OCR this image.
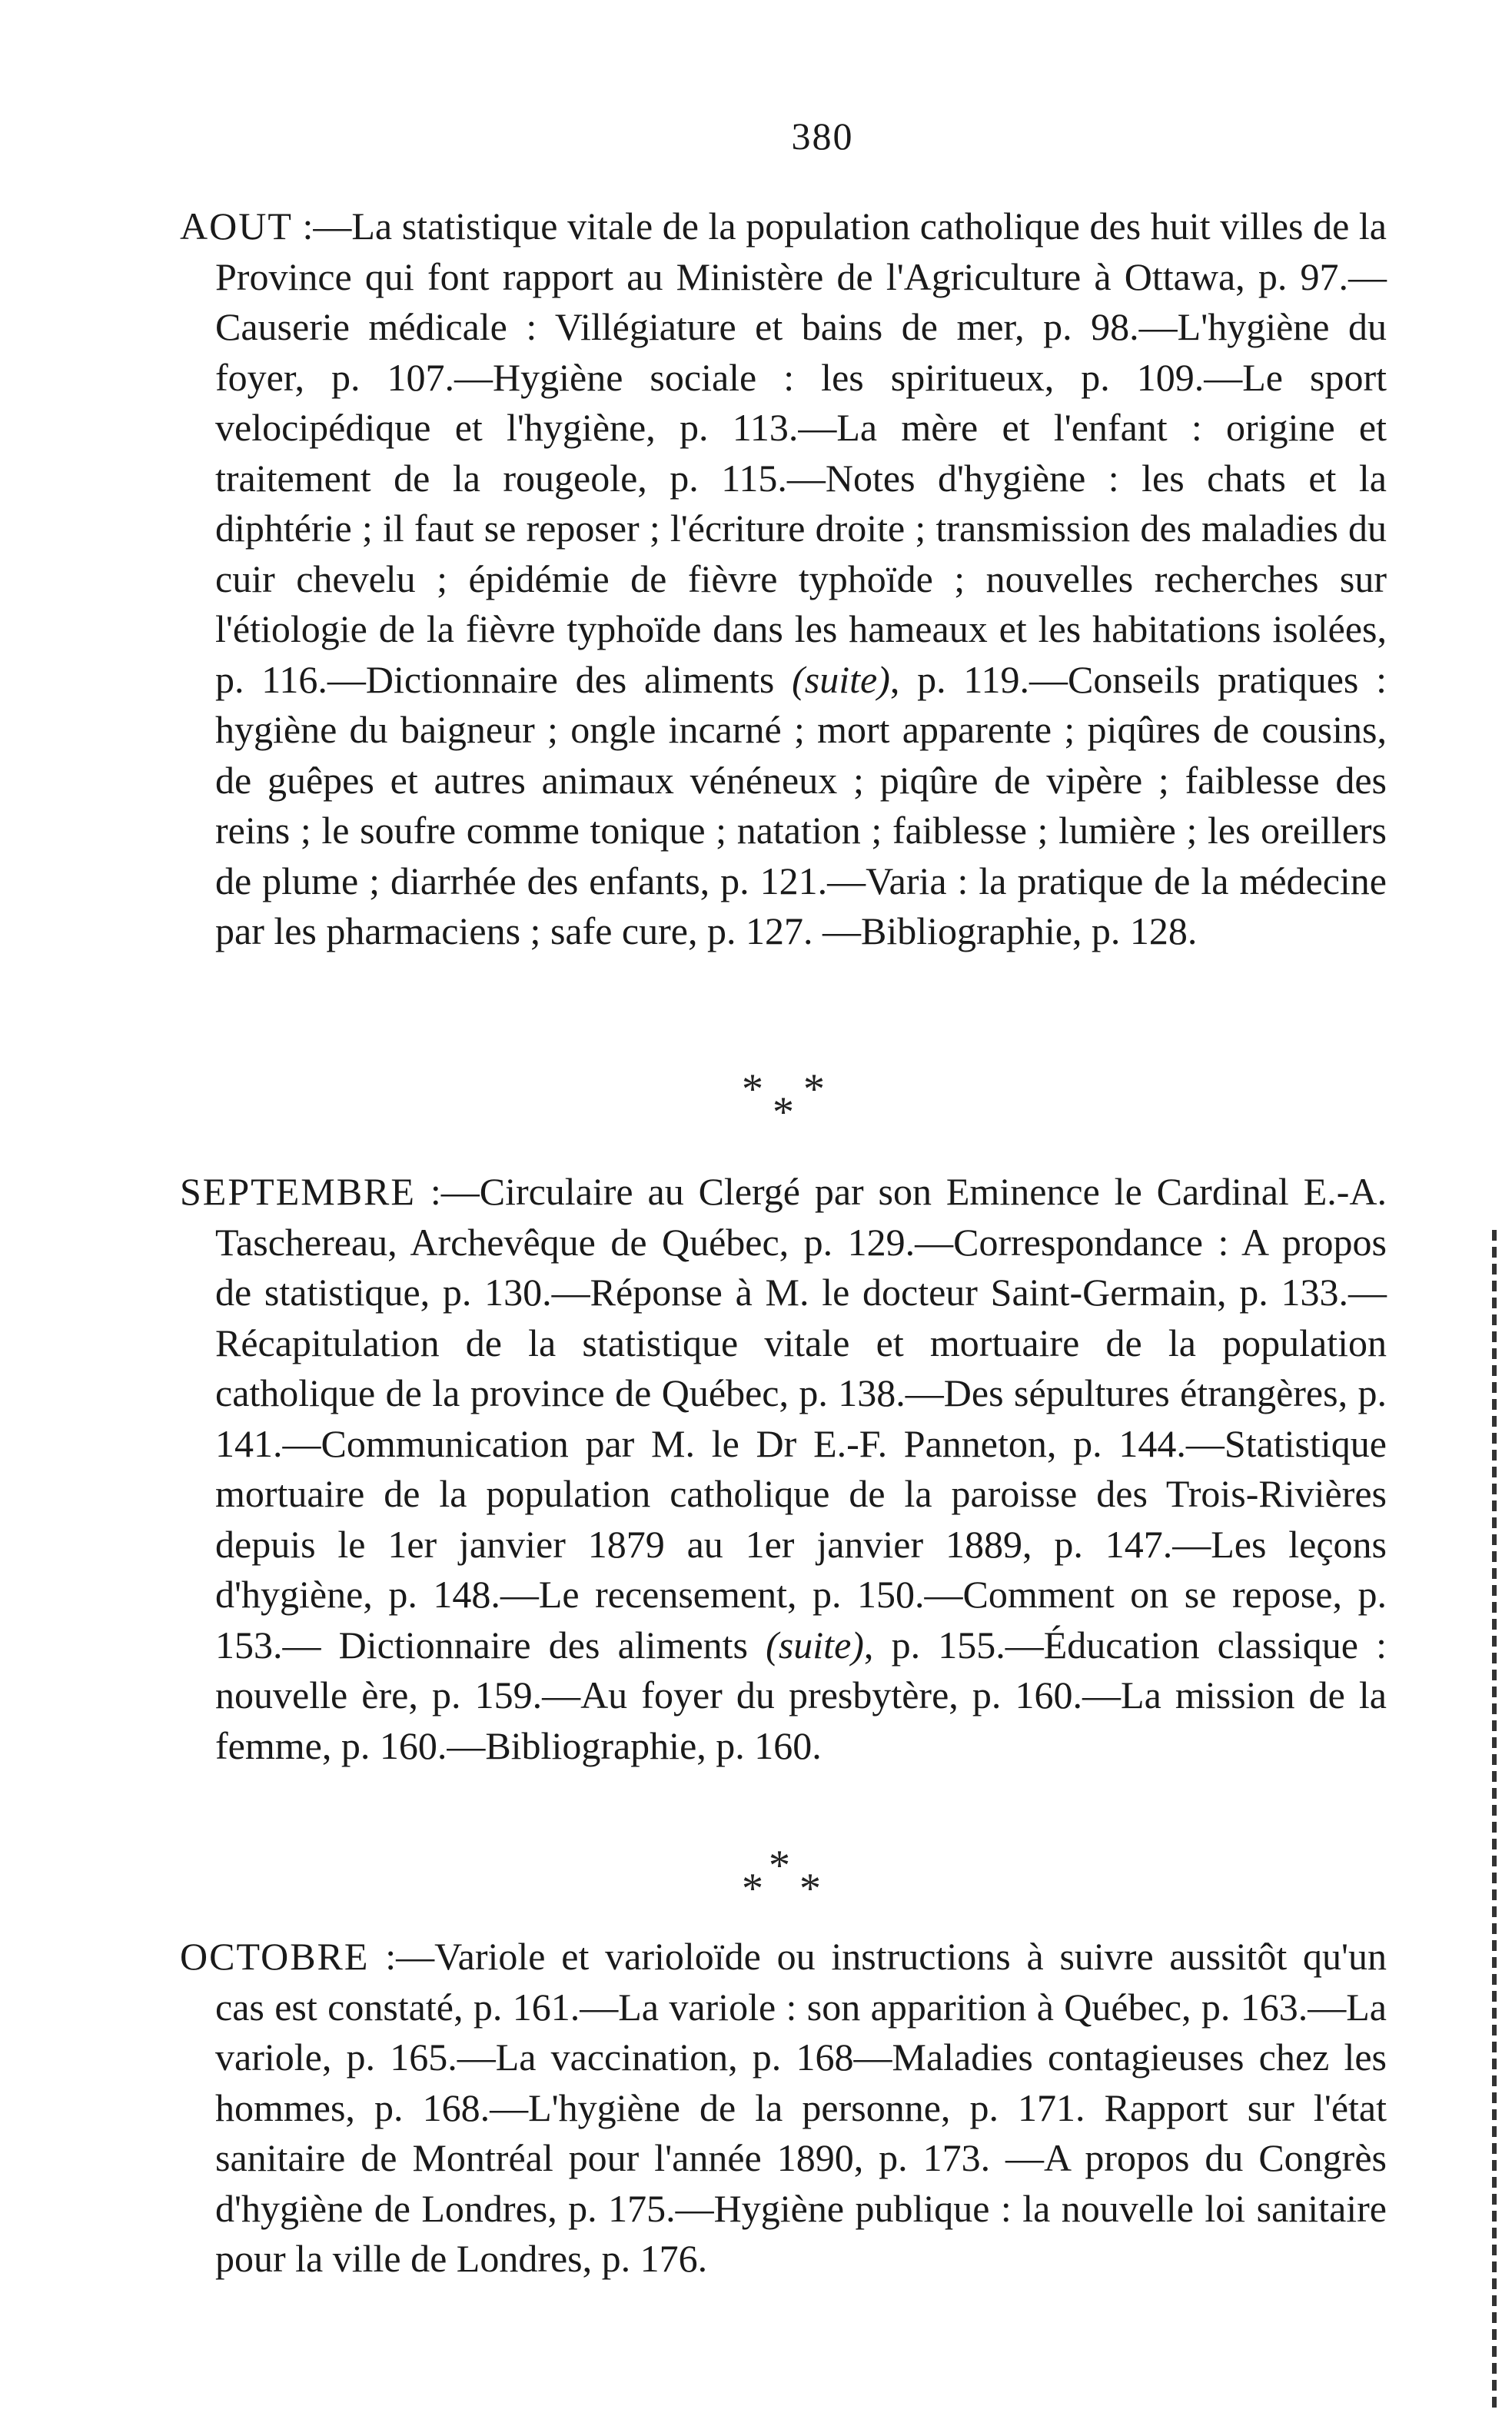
380

AOUT :—La statistique vitale de la population catholique des huit villes de la Province qui font rapport au Ministère de l'Agriculture à Ottawa, p. 97.—Causerie médicale : Villégiature et bains de mer, p. 98.—L'hygiène du foyer, p. 107.—Hygiène sociale : les spiritueux, p. 109.—Le sport velocipédique et l'hygiène, p. 113.—La mère et l'enfant : origine et traitement de la rougeole, p. 115.—Notes d'hygiène : les chats et la diphtérie ; il faut se reposer ; l'écriture droite ; transmission des maladies du cuir chevelu ; épidémie de fièvre typhoïde ; nouvelles recherches sur l'étiologie de la fièvre typhoïde dans les hameaux et les habitations isolées, p. 116.—Dictionnaire des aliments (suite), p. 119.—Conseils pratiques : hygiène du baigneur ; ongle incarné ; mort apparente ; piqûres de cousins, de guêpes et autres animaux vénéneux ; piqûre de vipère ; faiblesse des reins ; le soufre comme tonique ; natation ; faiblesse ; lumière ; les oreillers de plume ; diarrhée des enfants, p. 121.—Varia : la pratique de la médecine par les pharmaciens ; safe cure, p. 127. —Bibliographie, p. 128.

* *
*

SEPTEMBRE :—Circulaire au Clergé par son Eminence le Cardinal E.-A. Taschereau, Archevêque de Québec, p. 129.—Correspondance : A propos de statistique, p. 130.—Réponse à M. le docteur Saint-Germain, p. 133.—Récapitulation de la statistique vitale et mortuaire de la population catholique de la province de Québec, p. 138.—Des sépultures étrangères, p. 141.—Communication par M. le Dr E.-F. Panneton, p. 144.—Statistique mortuaire de la population catholique de la paroisse des Trois-Rivières depuis le 1er janvier 1879 au 1er janvier 1889, p. 147.—Les leçons d'hygiène, p. 148.—Le recensement, p. 150.—Comment on se repose, p. 153.— Dictionnaire des aliments (suite), p. 155.—Éducation classique : nouvelle ère, p. 159.—Au foyer du presbytère, p. 160.—La mission de la femme, p. 160.—Bibliographie, p. 160.

*
* *

OCTOBRE :—Variole et varioloïde ou instructions à suivre aussitôt qu'un cas est constaté, p. 161.—La variole : son apparition à Québec, p. 163.—La variole, p. 165.—La vaccination, p. 168—Maladies contagieuses chez les hommes, p. 168.—L'hygiène de la personne, p. 171. Rapport sur l'état sanitaire de Montréal pour l'année 1890, p. 173. —A propos du Congrès d'hygiène de Londres, p. 175.—Hygiène publique : la nouvelle loi sanitaire pour la ville de Londres, p. 176.
